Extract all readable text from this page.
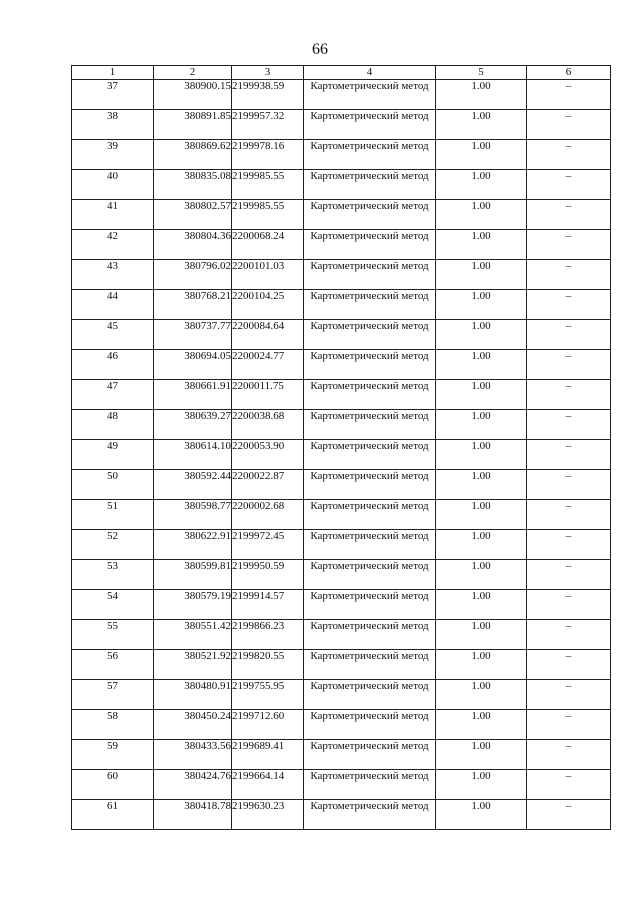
66
1	2	3	4	5	6
37	380900.15	2199938.59	Картометрический метод	1.00	–
38	380891.85	2199957.32	Картометрический метод	1.00	–
39	380869.62	2199978.16	Картометрический метод	1.00	–
40	380835.08	2199985.55	Картометрический метод	1.00	–
41	380802.57	2199985.55	Картометрический метод	1.00	–
42	380804.36	2200068.24	Картометрический метод	1.00	–
43	380796.02	2200101.03	Картометрический метод	1.00	–
44	380768.21	2200104.25	Картометрический метод	1.00	–
45	380737.77	2200084.64	Картометрический метод	1.00	–
46	380694.05	2200024.77	Картометрический метод	1.00	–
47	380661.91	2200011.75	Картометрический метод	1.00	–
48	380639.27	2200038.68	Картометрический метод	1.00	–
49	380614.10	2200053.90	Картометрический метод	1.00	–
50	380592.44	2200022.87	Картометрический метод	1.00	–
51	380598.77	2200002.68	Картометрический метод	1.00	–
52	380622.91	2199972.45	Картометрический метод	1.00	–
53	380599.81	2199950.59	Картометрический метод	1.00	–
54	380579.19	2199914.57	Картометрический метод	1.00	–
55	380551.42	2199866.23	Картометрический метод	1.00	–
56	380521.92	2199820.55	Картометрический метод	1.00	–
57	380480.91	2199755.95	Картометрический метод	1.00	–
58	380450.24	2199712.60	Картометрический метод	1.00	–
59	380433.56	2199689.41	Картометрический метод	1.00	–
60	380424.76	2199664.14	Картометрический метод	1.00	–
61	380418.78	2199630.23	Картометрический метод	1.00	–
